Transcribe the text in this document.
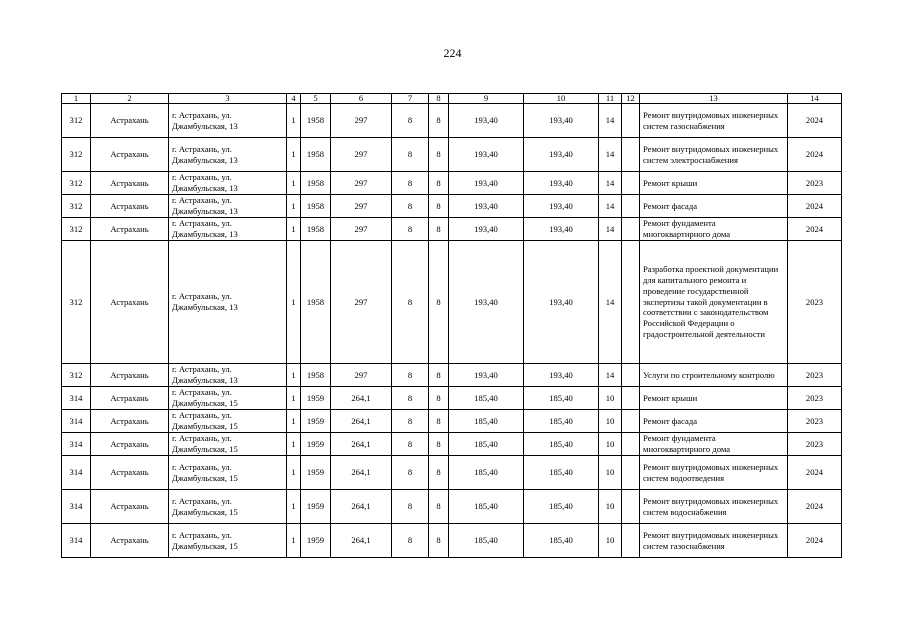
224
1	2	3	4	5	6	7	8	9	10	11	12	13	14
312	Астрахань	г. Астрахань, ул. Джамбульская, 13	1	1958	297	8	8	193,40	193,40	14		Ремонт внутридомовых инженерных систем газоснабжения	2024
312	Астрахань	г. Астрахань, ул. Джамбульская, 13	1	1958	297	8	8	193,40	193,40	14		Ремонт внутридомовых инженерных систем электроснабжения	2024
312	Астрахань	г. Астрахань, ул. Джамбульская, 13	1	1958	297	8	8	193,40	193,40	14		Ремонт крыши	2023
312	Астрахань	г. Астрахань, ул. Джамбульская, 13	1	1958	297	8	8	193,40	193,40	14		Ремонт фасада	2024
312	Астрахань	г. Астрахань, ул. Джамбульская, 13	1	1958	297	8	8	193,40	193,40	14		Ремонт фундамента многоквартирного дома	2024
312	Астрахань	г. Астрахань, ул. Джамбульская, 13	1	1958	297	8	8	193,40	193,40	14		Разработка проектной документации для капитального ремонта и проведение государственной экспертизы такой документации в соответствии с законодательством Российской Федерации о градостроительной деятельности	2023
312	Астрахань	г. Астрахань, ул. Джамбульская, 13	1	1958	297	8	8	193,40	193,40	14		Услуги по строительному контролю	2023
314	Астрахань	г. Астрахань, ул. Джамбульская, 15	1	1959	264,1	8	8	185,40	185,40	10		Ремонт крыши	2023
314	Астрахань	г. Астрахань, ул. Джамбульская, 15	1	1959	264,1	8	8	185,40	185,40	10		Ремонт фасада	2023
314	Астрахань	г. Астрахань, ул. Джамбульская, 15	1	1959	264,1	8	8	185,40	185,40	10		Ремонт фундамента многоквартирного дома	2023
314	Астрахань	г. Астрахань, ул. Джамбульская, 15	1	1959	264,1	8	8	185,40	185,40	10		Ремонт внутридомовых инженерных систем водоотведения	2024
314	Астрахань	г. Астрахань, ул. Джамбульская, 15	1	1959	264,1	8	8	185,40	185,40	10		Ремонт внутридомовых инженерных систем водоснабжения	2024
314	Астрахань	г. Астрахань, ул. Джамбульская, 15	1	1959	264,1	8	8	185,40	185,40	10		Ремонт внутридомовых инженерных систем газоснабжения	2024
